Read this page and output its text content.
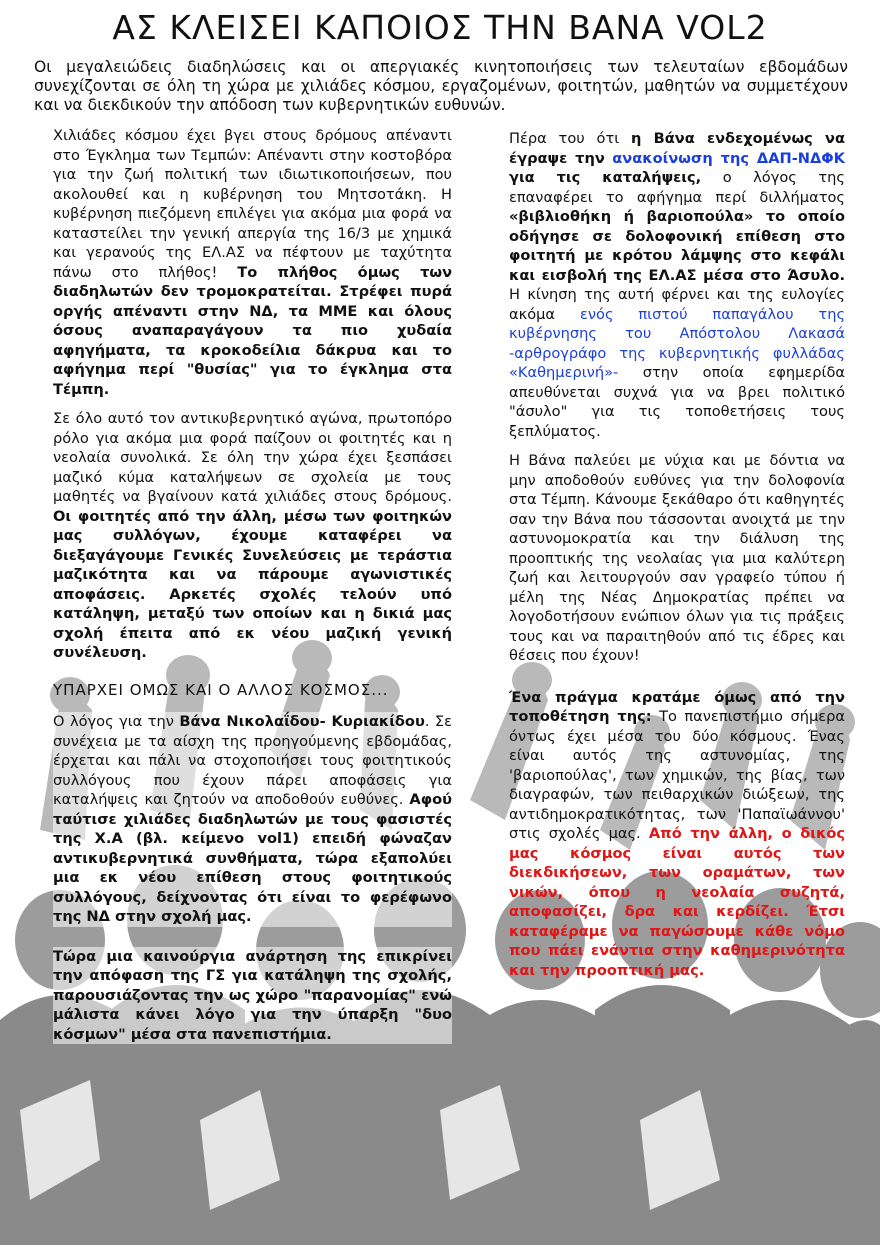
ΑΣ ΚΛΕΙΣΕΙ ΚΑΠΟΙΟΣ ΤΗΝ ΒΑΝΑ VOL2

Οι μεγαλειώδεις διαδηλώσεις και οι απεργιακές κινητοποιήσεις των τελευταίων εβδομάδων συνεχίζονται σε όλη τη χώρα με χιλιάδες κόσμου, εργαζομένων, φοιτητών, μαθητών να συμμετέχουν και να διεκδικούν την απόδοση των κυβερνητικών ευθυνών.

Χιλιάδες κόσμου έχει βγει στους δρόμους απέναντι στο Έγκλημα των Τεμπών: Απέναντι στην κοστοβόρα για την ζωή πολιτική των ιδιωτικοποιήσεων, που ακολουθεί και η κυβέρνηση του Μητσοτάκη. Η κυβέρνηση πιεζόμενη επιλέγει για ακόμα μια φορά να καταστείλει την γενική απεργία της 16/3 με χημικά και γερανούς της ΕΛ.ΑΣ να πέφτουν με ταχύτητα πάνω στο πλήθος! Το πλήθος όμως των διαδηλωτών δεν τρομοκρατείται. Στρέφει πυρά οργής απέναντι στην ΝΔ, τα ΜΜΕ και όλους όσους αναπαραγάγουν τα πιο χυδαία αφηγήματα, τα κροκοδείλια δάκρυα και το αφήγημα περί "θυσίας" για το έγκλημα στα Τέμπη.

Σε όλο αυτό τον αντικυβερνητικό αγώνα, πρωτοπόρο ρόλο για ακόμα μια φορά παίζουν οι φοιτητές και η νεολαία συνολικά. Σε όλη την χώρα έχει ξεσπάσει μαζικό κύμα καταλήψεων σε σχολεία με τους μαθητές να βγαίνουν κατά χιλιάδες στους δρόμους. Οι φοιτητές από την άλλη, μέσω των φοιτηκών μας συλλόγων, έχουμε καταφέρει να διεξαγάγουμε Γενικές Συνελεύσεις με τεράστια μαζικότητα και να πάρουμε αγωνιστικές αποφάσεις. Αρκετές σχολές τελούν υπό κατάληψη, μεταξύ των οποίων και η δικιά μας σχολή έπειτα από εκ νέου μαζική γενική συνέλευση.

ΥΠΑΡΧΕΙ ΟΜΩΣ ΚΑΙ Ο ΑΛΛΟΣ ΚΟΣΜΟΣ...

Ο λόγος για την Βάνα Νικολαΐδου- Κυριακίδου. Σε συνέχεια με τα αίσχη της προηγούμενης εβδομάδας, έρχεται και πάλι να στοχοποιήσει τους φοιτητικούς συλλόγους που έχουν πάρει αποφάσεις για καταλήψεις και ζητούν να αποδοθούν ευθύνες. Αφού ταύτισε χιλιάδες διαδηλωτών με τους φασιστές της Χ.Α (βλ. κείμενο vol1) επειδή φώναζαν αντικυβερνητικά συνθήματα, τώρα εξαπολύει μια εκ νέου επίθεση στους φοιτητικούς συλλόγους, δείχνοντας ότι είναι το φερέφωνο της ΝΔ στην σχολή μας.

Τώρα μια καινούργια ανάρτηση της επικρίνει την απόφαση της ΓΣ για κατάληψη της σχολής, παρουσιάζοντας την ως χώρο "παρανομίας" ενώ μάλιστα κάνει λόγο για την ύπαρξη "δυο κόσμων" μέσα στα πανεπιστήμια.

Πέρα του ότι η Βάνα ενδεχομένως να έγραψε την ανακοίνωση της ΔΑΠ-ΝΔΦΚ για τις καταλήψεις, ο λόγος της επαναφέρει το αφήγημα περί διλλήματος «βιβλιοθήκη ή βαριοπούλα» το οποίο οδήγησε σε δολοφονική επίθεση στο φοιτητή με κρότου λάμψης στο κεφάλι και εισβολή της ΕΛ.ΑΣ μέσα στο Άσυλο. Η κίνηση της αυτή φέρνει και της ευλογίες ακόμα ενός πιστού παπαγάλου της κυβέρνησης του Απόστολου Λακασά -αρθρογράφο της κυβερνητικής φυλλάδας «Καθημερινή»- στην οποία εφημερίδα απευθύνεται συχνά για να βρει πολιτικό "άσυλο" για τις τοποθετήσεις τους ξεπλύματος.

Η Βάνα παλεύει με νύχια και με δόντια να μην αποδοθούν ευθύνες για την δολοφονία στα Τέμπη. Κάνουμε ξεκάθαρο ότι καθηγητές σαν την Βάνα που τάσσονται ανοιχτά με την αστυνομοκρατία και την διάλυση της προοπτικής της νεολαίας για μια καλύτερη ζωή και λειτουργούν σαν γραφείο τύπου ή μέλη της Νέας Δημοκρατίας πρέπει να λογοδοτήσουν ενώπιον όλων για τις πράξεις τους και να παραιτηθούν από τις έδρες και θέσεις που έχουν!

Ένα πράγμα κρατάμε όμως από την τοποθέτηση της: Το πανεπιστήμιο σήμερα όντως έχει μέσα του δύο κόσμους. Ένας είναι αυτός της αστυνομίας, της 'βαριοπούλας', των χημικών, της βίας, των διαγραφών, των πειθαρχικών διώξεων, της αντιδημοκρατικότητας, των 'Παπαϊωάννου' στις σχολές μας. Από την άλλη, ο δικός μας κόσμος είναι αυτός των διεκδικήσεων, των οραμάτων, των νικών, όπου η νεολαία συζητά, αποφασίζει, δρα και κερδίζει. Έτσι καταφέραμε να παγώσουμε κάθε νόμο που πάει ενάντια στην καθημερινότητα και την προοπτική μας.
